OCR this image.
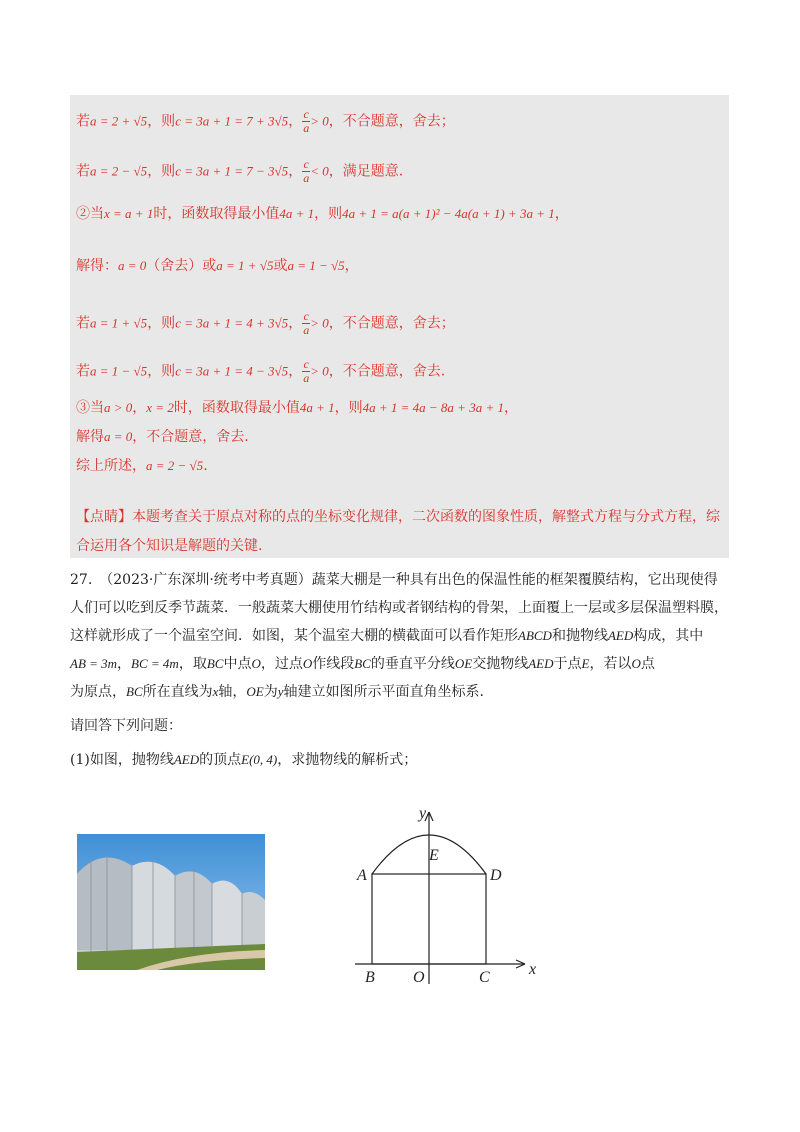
若a = 2 + √5，则c = 3a + 1 = 7 + 3√5， $\frac{c}{a} > 0$，不合题意，舍去；
若a = 2 − √5，则c = 3a + 1 = 7 − 3√5， $\frac{c}{a} < 0$，满足题意.
②当x = a + 1时，函数取得最小值4a + 1，则4a + 1 = a(a + 1)² − 4a(a + 1) + 3a + 1，
解得：a = 0（舍去）或a = 1 + √5或a = 1 − √5，
若a = 1 + √5，则c = 3a + 1 = 4 + 3√5， $\frac{c}{a} > 0$，不合题意，舍去；
若a = 1 − √5，则c = 3a + 1 = 4 − 3√5， $\frac{c}{a} > 0$，不合题意，舍去.
③当a > 0，x = 2时，函数取得最小值4a + 1，则4a + 1 = 4a − 8a + 3a + 1，
解得a = 0，不合题意，舍去.
综上所述，a = 2 − √5.
【点睛】本题考查关于原点对称的点的坐标变化规律，二次函数的图象性质，解整式方程与分式方程，综
合运用各个知识是解题的关键.
27.　（2023·广东深圳·统考中考真题）蔬菜大棚是一种具有出色的保温性能的框架覆膜结构，它出现使得
人们可以吃到反季节蔬菜．一般蔬菜大棚使用竹结构或者钢结构的骨架，上面覆上一层或多层保温塑料膜，
这样就形成了一个温室空间．如图，某个温室大棚的横截面可以看作矩形ABCD和抛物线AED构成，其中
AB = 3m，BC = 4m，取BC中点O，过点O作线段BC的垂直平分线OE交抛物线AED于点E，若以O点
为原点，BC所在直线为x轴，OE为y轴建立如图所示平面直角坐标系.
请回答下列问题：
(1)如图，抛物线AED的顶点E(0, 4)，求抛物线的解析式；
A	D
E
B O	C x
y
